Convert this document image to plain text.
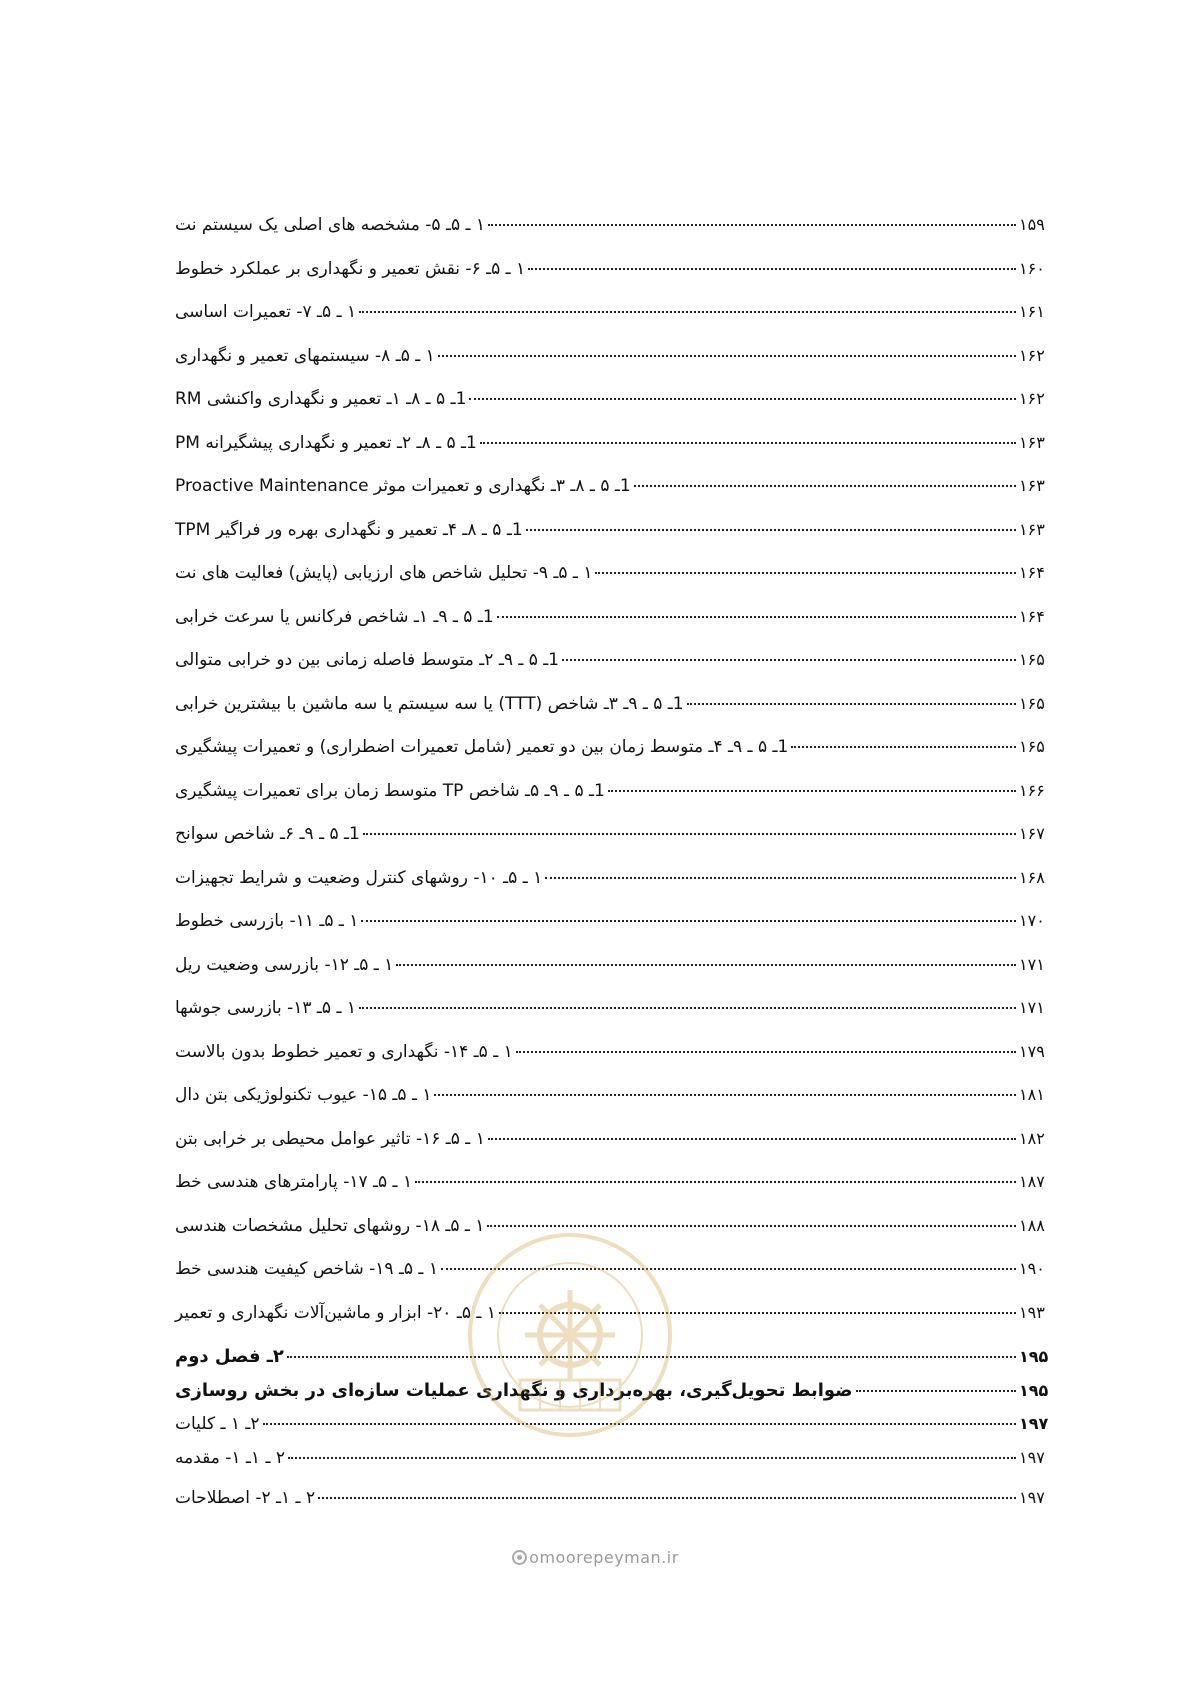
۱ ـ ۵ـ ۵- مشخصه های اصلی یک سیستم نت	۱۵۹
۱ ـ ۵ـ ۶- نقش تعمیر و نگهداری بر عملکرد خطوط	۱۶۰
۱ ـ ۵ـ ۷- تعمیرات اساسی	۱۶۱
۱ ـ ۵ـ ۸- سیستمهای تعمیر و نگهداری	۱۶۲
1ـ ۵ ـ ۸ـ ۱ـ تعمیر و نگهداری واکنشی RM	۱۶۲
1ـ ۵ ـ ۸ـ ۲ـ تعمیر و نگهداری پیشگیرانه PM	۱۶۳
1ـ ۵ ـ ۸ـ ۳ـ نگهداری و تعمیرات موثر Proactive Maintenance	۱۶۳
1ـ ۵ ـ ۸ـ ۴ـ تعمیر و نگهداری بهره ور فراگیر TPM	۱۶۳
۱ ـ ۵ـ ۹- تحلیل شاخص های ارزیابی (پایش) فعالیت های نت	۱۶۴
1ـ ۵ ـ ۹ـ ۱ـ شاخص فرکانس یا سرعت خرابی	۱۶۴
1ـ ۵ ـ ۹ـ ۲ـ متوسط فاصله زمانی بین دو خرابی متوالی	۱۶۵
1ـ ۵ ـ ۹ـ ۳ـ شاخص (TTT) یا سه سیستم یا سه ماشین با بیشترین خرابی	۱۶۵
1ـ ۵ ـ ۹ـ ۴ـ متوسط زمان بین دو تعمیر (شامل تعمیرات اضطراری) و تعمیرات پیشگیری	۱۶۵
1ـ ۵ ـ ۹ـ ۵ـ شاخص TP متوسط زمان برای تعمیرات پیشگیری	۱۶۶
1ـ ۵ ـ ۹ـ ۶ـ شاخص سوانح	۱۶۷
۱ ـ ۵ـ ۱۰- روشهای کنترل وضعیت و شرایط تجهیزات	۱۶۸
۱ ـ ۵ـ ۱۱- بازرسی خطوط	۱۷۰
۱ ـ ۵ـ ۱۲- بازرسی وضعیت ریل	۱۷۱
۱ ـ ۵ـ ۱۳- بازرسی جوشها	۱۷۱
۱ ـ ۵ـ ۱۴- نگهداری و تعمیر خطوط بدون بالاست	۱۷۹
۱ ـ ۵ـ ۱۵- عیوب تکنولوژیکی بتن دال	۱۸۱
۱ ـ ۵ـ ۱۶- تاثیر عوامل محیطی بر خرابی بتن	۱۸۲
۱ ـ ۵ـ ۱۷- پارامترهای هندسی خط	۱۸۷
۱ ـ ۵ـ ۱۸- روشهای تحلیل مشخصات هندسی	۱۸۸
۱ ـ ۵ـ ۱۹- شاخص کیفیت هندسی خط	۱۹۰
۱ ـ ۵ـ ۲۰- ابزار و ماشین‌آلات نگهداری و تعمیر	۱۹۳
۲ـ فصل دوم	۱۹۵
ضوابط تحویل‌گیری، بهره‌برداری و نگهداری عملیات سازه‌ای در بخش روسازی	۱۹۵
۲ـ ۱ ـ کلیات	۱۹۷
۲ ـ ۱ـ ۱- مقدمه	۱۹۷
۲ ـ ۱ـ ۲- اصطلاحات	۱۹۷
omoorepeyman.ir
